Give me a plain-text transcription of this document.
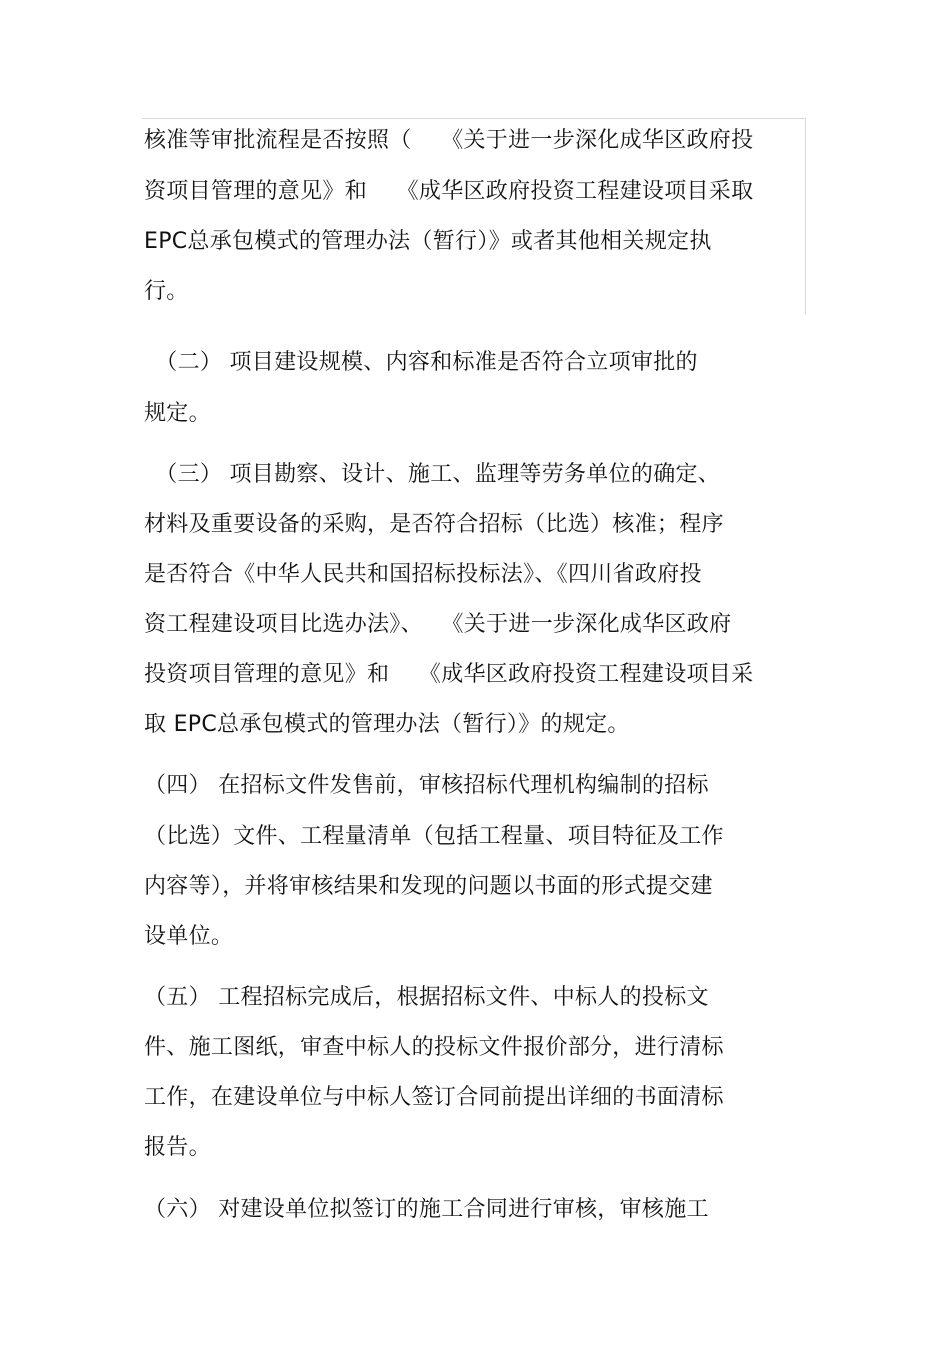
核准等审批流程是否按照（　 《关于进一步深化成华区政府投
资项目管理的意见》和　 《成华区政府投资工程建设项目采取
EPC总承包模式的管理办法（暂行）》或者其他相关规定执
行。
　（二） 项目建设规模、内容和标准是否符合立项审批的
规定。
　（三） 项目勘察、设计、施工、监理等劳务单位的确定、
材料及重要设备的采购，是否符合招标（比选）核准；程序
是否符合《中华人民共和国招标投标法》、《四川省政府投
资工程建设项目比选办法》、　 《关于进一步深化成华区政府
投资项目管理的意见》和　 《成华区政府投资工程建设项目采
取 EPC总承包模式的管理办法（暂行）》的规定。
（四） 在招标文件发售前，审核招标代理机构编制的招标
（比选）文件、工程量清单（包括工程量、项目特征及工作
内容等），并将审核结果和发现的问题以书面的形式提交建
设单位。
（五） 工程招标完成后，根据招标文件、中标人的投标文
件、施工图纸，审查中标人的投标文件报价部分，进行清标
工作，在建设单位与中标人签订合同前提出详细的书面清标
报告。
（六） 对建设单位拟签订的施工合同进行审核，审核施工
